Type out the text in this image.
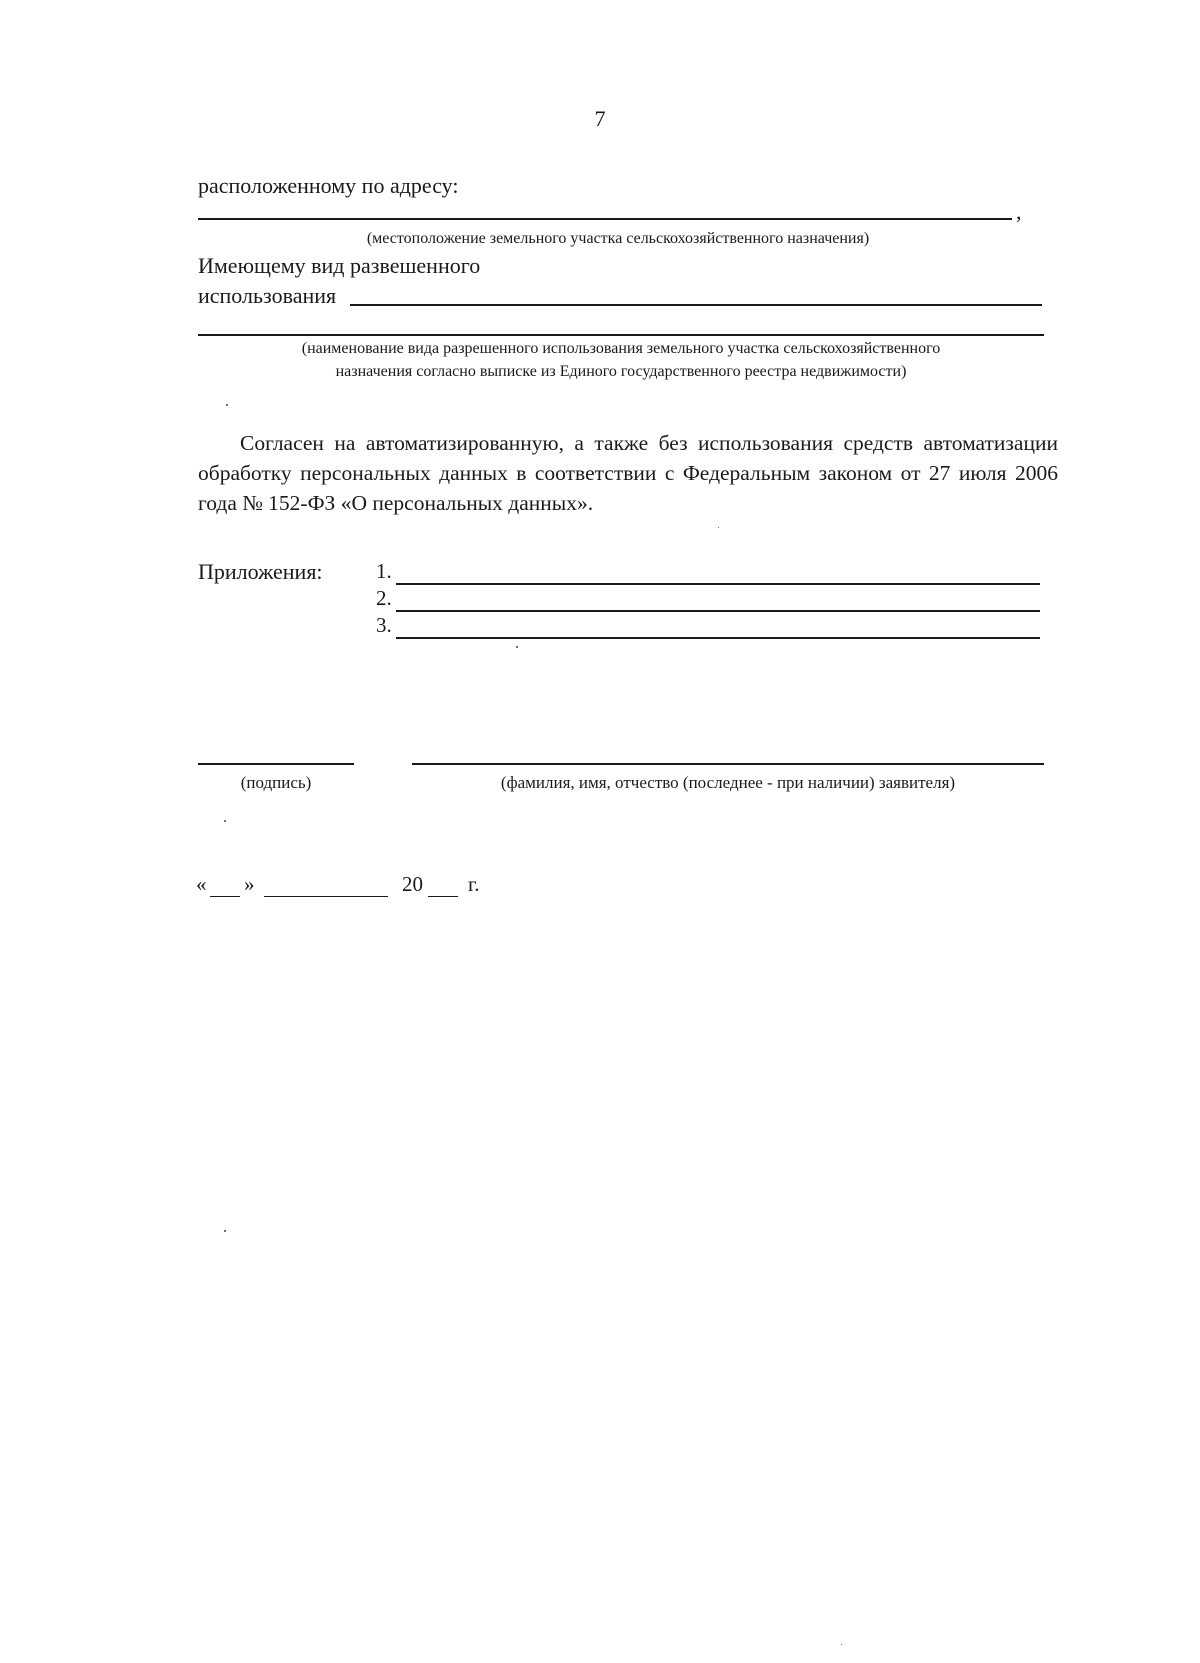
7
расположенному по адресу:
,
(местоположение земельного участка сельскохозяйственного назначения)
Имеющему вид развешенного
использования
(наименование вида разрешенного использования земельного участка сельскохозяйственного
назначения согласно выписке из Единого государственного реестра недвижимости)
Согласен на автоматизированную, а также без использования средств автоматизации обработку персональных данных в соответствии с Федеральным законом от 27 июля 2006 года № 152-ФЗ «О персональных данных».
Приложения:	1.
2.
3.
(подпись)	(фамилия, имя, отчество (последнее - при наличии) заявителя)
« »	20 г.
